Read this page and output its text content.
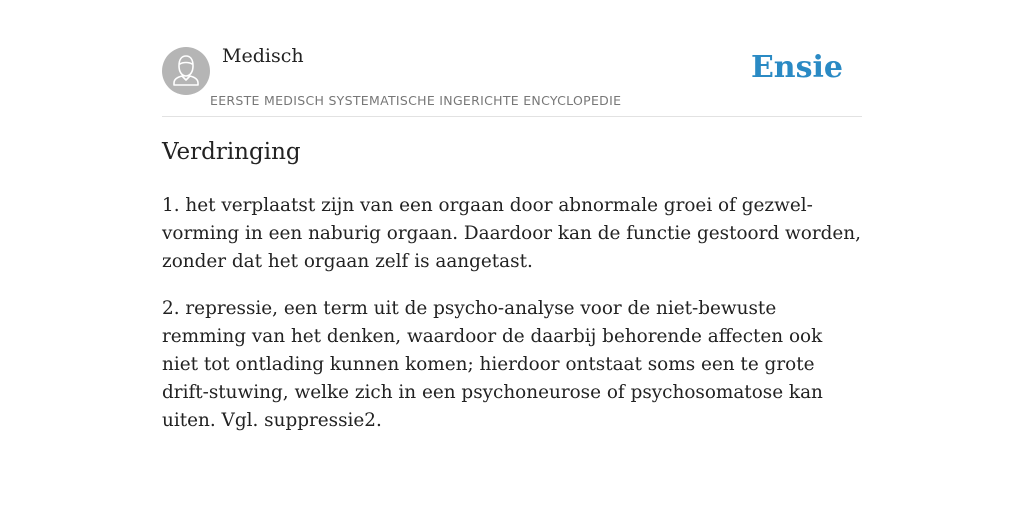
Medisch
EERSTE MEDISCH SYSTEMATISCHE INGERICHTE ENCYCLOPEDIE
Ensie
Verdringing

1. het verplaatst zijn van een orgaan door abnormale groei of gezwel-vorming in een naburig orgaan. Daardoor kan de functie gestoord worden, zonder dat het orgaan zelf is aangetast.

2. repressie, een term uit de psycho-analyse voor de niet-bewuste remming van het denken, waardoor de daarbij behorende affecten ook niet tot ontlading kunnen komen; hierdoor ontstaat soms een te grote drift-stuwing, welke zich in een psychoneurose of psychosomatose kan uiten. Vgl. suppressie2.
